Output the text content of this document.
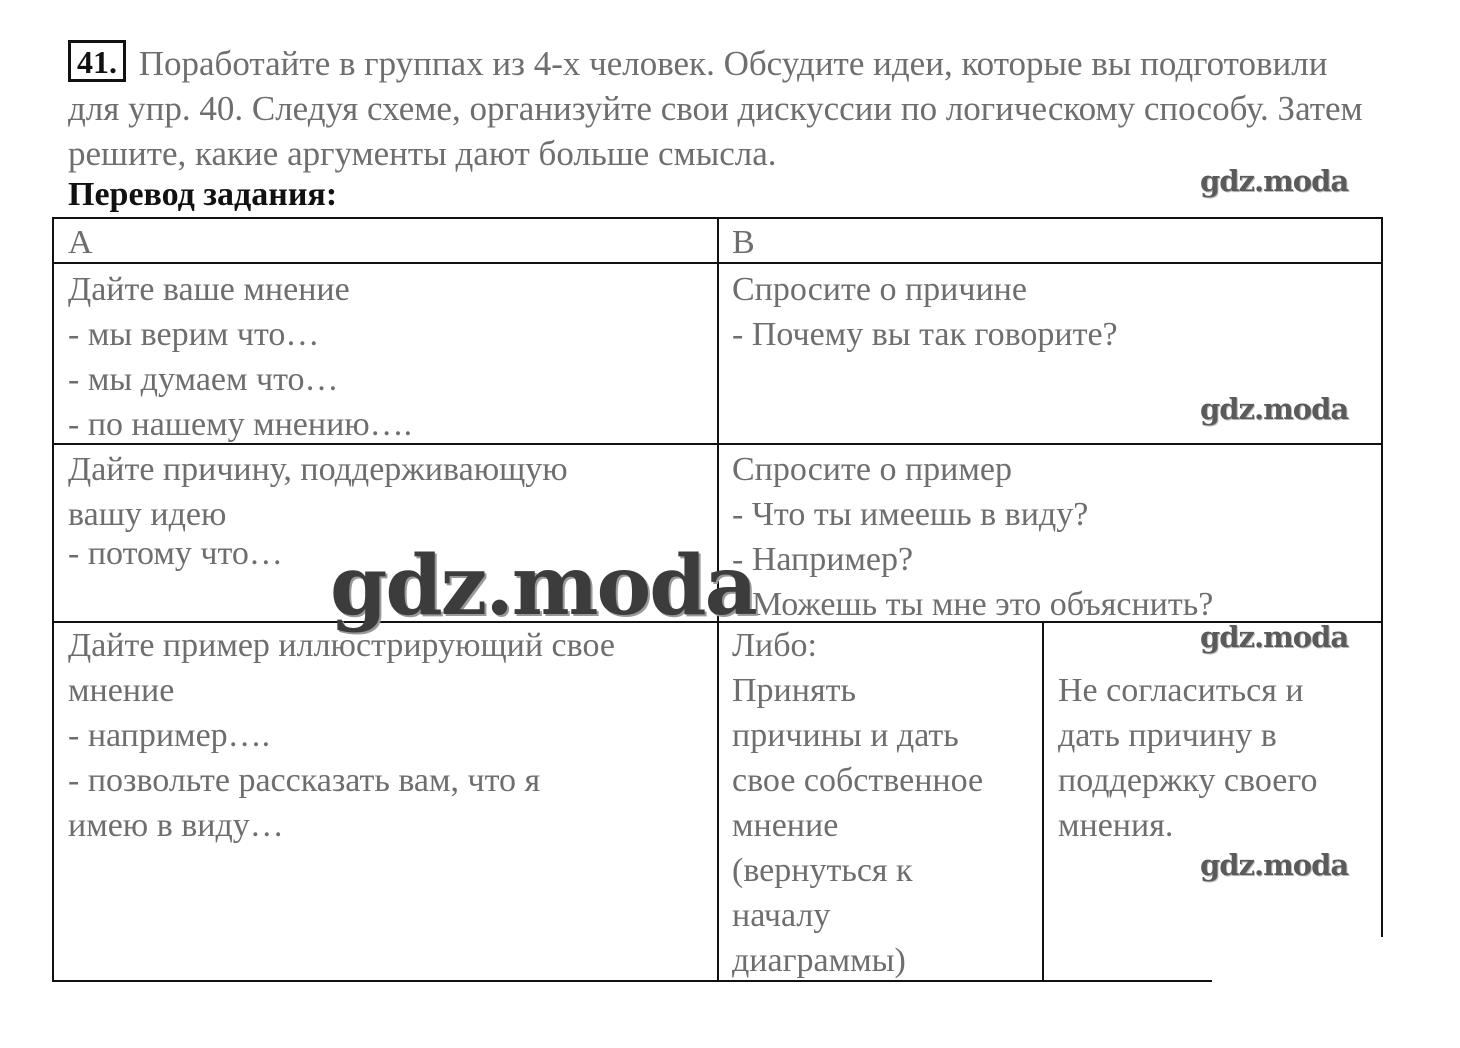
41. Поработайте в группах из 4-х человек. Обсудите идеи, которые вы подготовили для упр. 40. Следуя схеме, организуйте свои дискуссии по логическому способу. Затем решите, какие аргументы дают больше смысла.
Перевод задания:
А	В
Дайте ваше мнение
- мы верим что…
- мы думаем что…
- по нашему мнению….
Спросите о причине
- Почему вы так говорите?
Дайте причину, поддерживающую
вашу идею
- потому что…
Спросите о пример
- Что ты имеешь в виду?
- Например?
- Можешь ты мне это объяснить?
Дайте пример иллюстрирующий свое
мнение
- например….
- позвольте рассказать вам, что я
имею в виду…
Либо:
Принять
причины и дать
свое собственное
мнение
(вернуться к
началу
диаграммы)
Не согласиться и
дать причину в
поддержку своего
мнения.
gdz.moda
gdz.moda
gdz.moda
gdz.moda
gdz.moda
